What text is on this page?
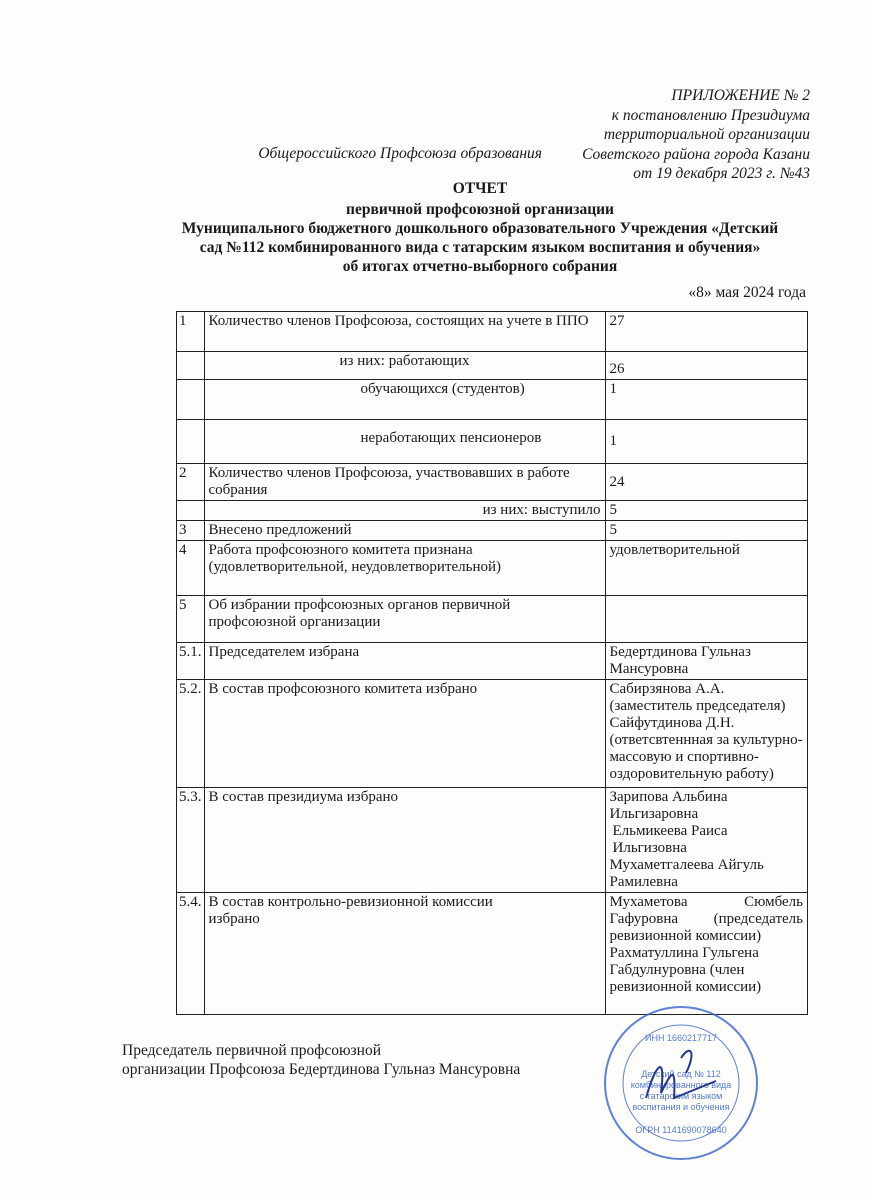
ПРИЛОЖЕНИЕ № 2
к постановлению Президиума
территориальной организации
Советского района города Казани
от 19 декабря 2023 г. №43
Общероссийского Профсоюза образования
ОТЧЕТ
первичной профсоюзной организации
Муниципального бюджетного дошкольного образовательного Учреждения «Детский
сад №112 комбинированного вида с татарским языком воспитания и обучения»
об итогах отчетно-выборного собрания
«8» мая 2024 года
1	Количество членов Профсоюза, состоящих на учете в ППО	27
	из них: работающих	26
	обучающихся (студентов)	1
	неработающих пенсионеров	1
2	Количество членов Профсоюза, участвовавших в работе собрания	24
	из них: выступило	5
3	Внесено предложений	5
4	Работа профсоюзного комитета признана (удовлетворительной, неудовлетворительной)	удовлетворительной
5	Об избрании профсоюзных органов первичной профсоюзной организации	
5.1.	Председателем избрана	Бедертдинова Гульназ Мансуровна
5.2.	В состав профсоюзного комитета избрано	Сабирзянова А.А.(заместитель председателя)
Сайфутдинова Д.Н.(ответсвтеннная за культурно-массовую и спортивно-оздоровительную работу)

5.3.	В состав президиума избрано	Зарипова Альбина Ильгизаровна
Ельмикеева Раиса Ильгизовна
Мухаметгалеева Айгуль Рамилевна

5.4.	В состав контрольно-ревизионной комиссии избрано	Мухаметова Сюмбель Гафуровна (председатель ревизионной комиссии)
Рахматуллина Гульгена Габдулнуровна (член ревизионной комиссии)
Председатель первичной профсоюзной
организации Профсоюза Бедертдинова Гульназ Мансуровна
ИНН 1660217717
Детский сад № 112
комбинированного вида
с татарским языком
воспитания и обучения
ОГРН 1141690078640
